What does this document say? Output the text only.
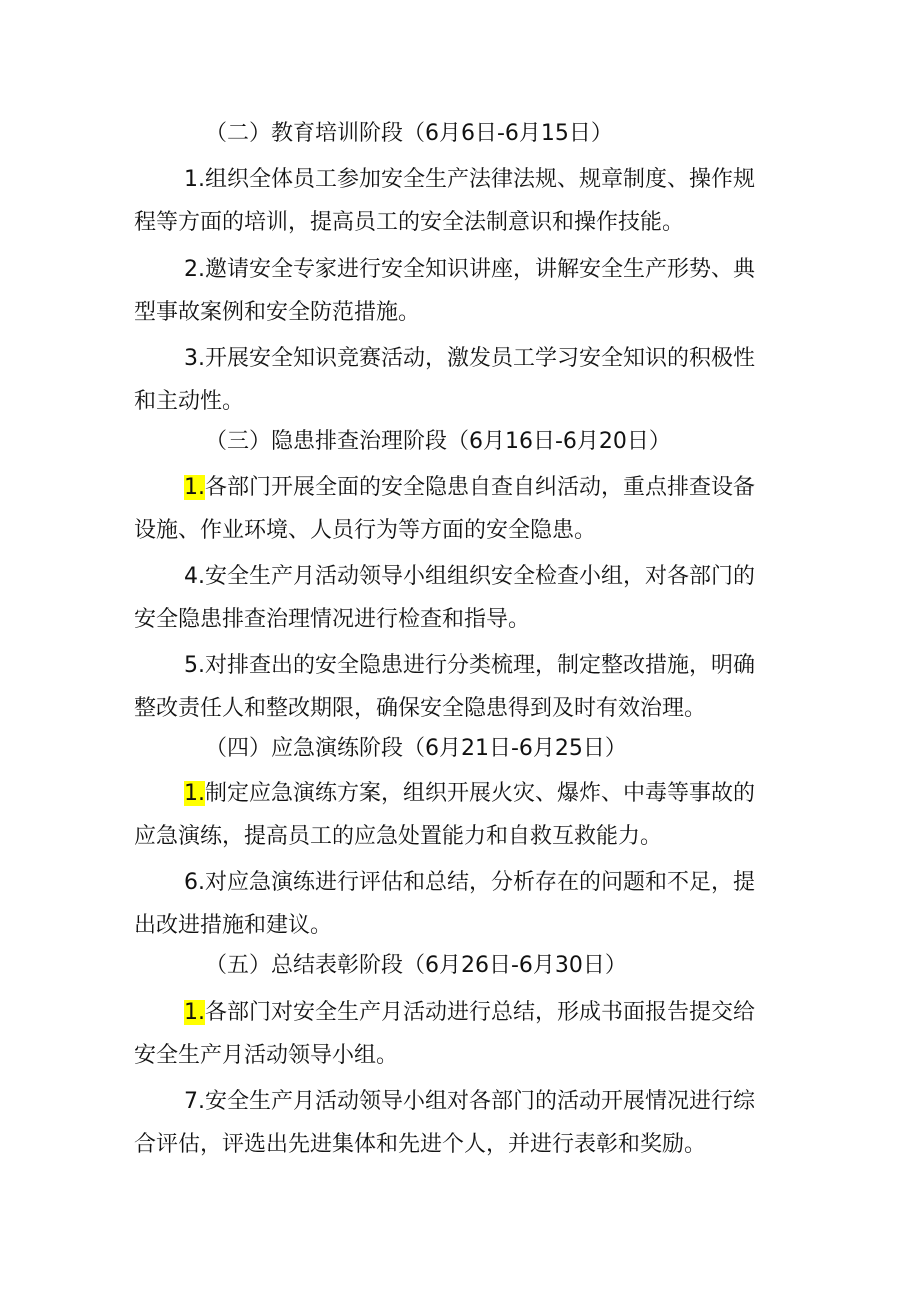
（二）教育培训阶段（6月6日-6月15日）
1.组织全体员工参加安全生产法律法规、规章制度、操作规
程等方面的培训，提高员工的安全法制意识和操作技能。
2.邀请安全专家进行安全知识讲座，讲解安全生产形势、典
型事故案例和安全防范措施。
3.开展安全知识竞赛活动，激发员工学习安全知识的积极性
和主动性。
（三）隐患排查治理阶段（6月16日-6月20日）
1.各部门开展全面的安全隐患自查自纠活动，重点排查设备
设施、作业环境、人员行为等方面的安全隐患。
4.安全生产月活动领导小组组织安全检查小组，对各部门的
安全隐患排查治理情况进行检查和指导。
5.对排查出的安全隐患进行分类梳理，制定整改措施，明确
整改责任人和整改期限，确保安全隐患得到及时有效治理。
（四）应急演练阶段（6月21日-6月25日）
1.制定应急演练方案，组织开展火灾、爆炸、中毒等事故的
应急演练，提高员工的应急处置能力和自救互救能力。
6.对应急演练进行评估和总结，分析存在的问题和不足，提
出改进措施和建议。
（五）总结表彰阶段（6月26日-6月30日）
1.各部门对安全生产月活动进行总结，形成书面报告提交给
安全生产月活动领导小组。
7.安全生产月活动领导小组对各部门的活动开展情况进行综
合评估，评选出先进集体和先进个人，并进行表彰和奖励。
